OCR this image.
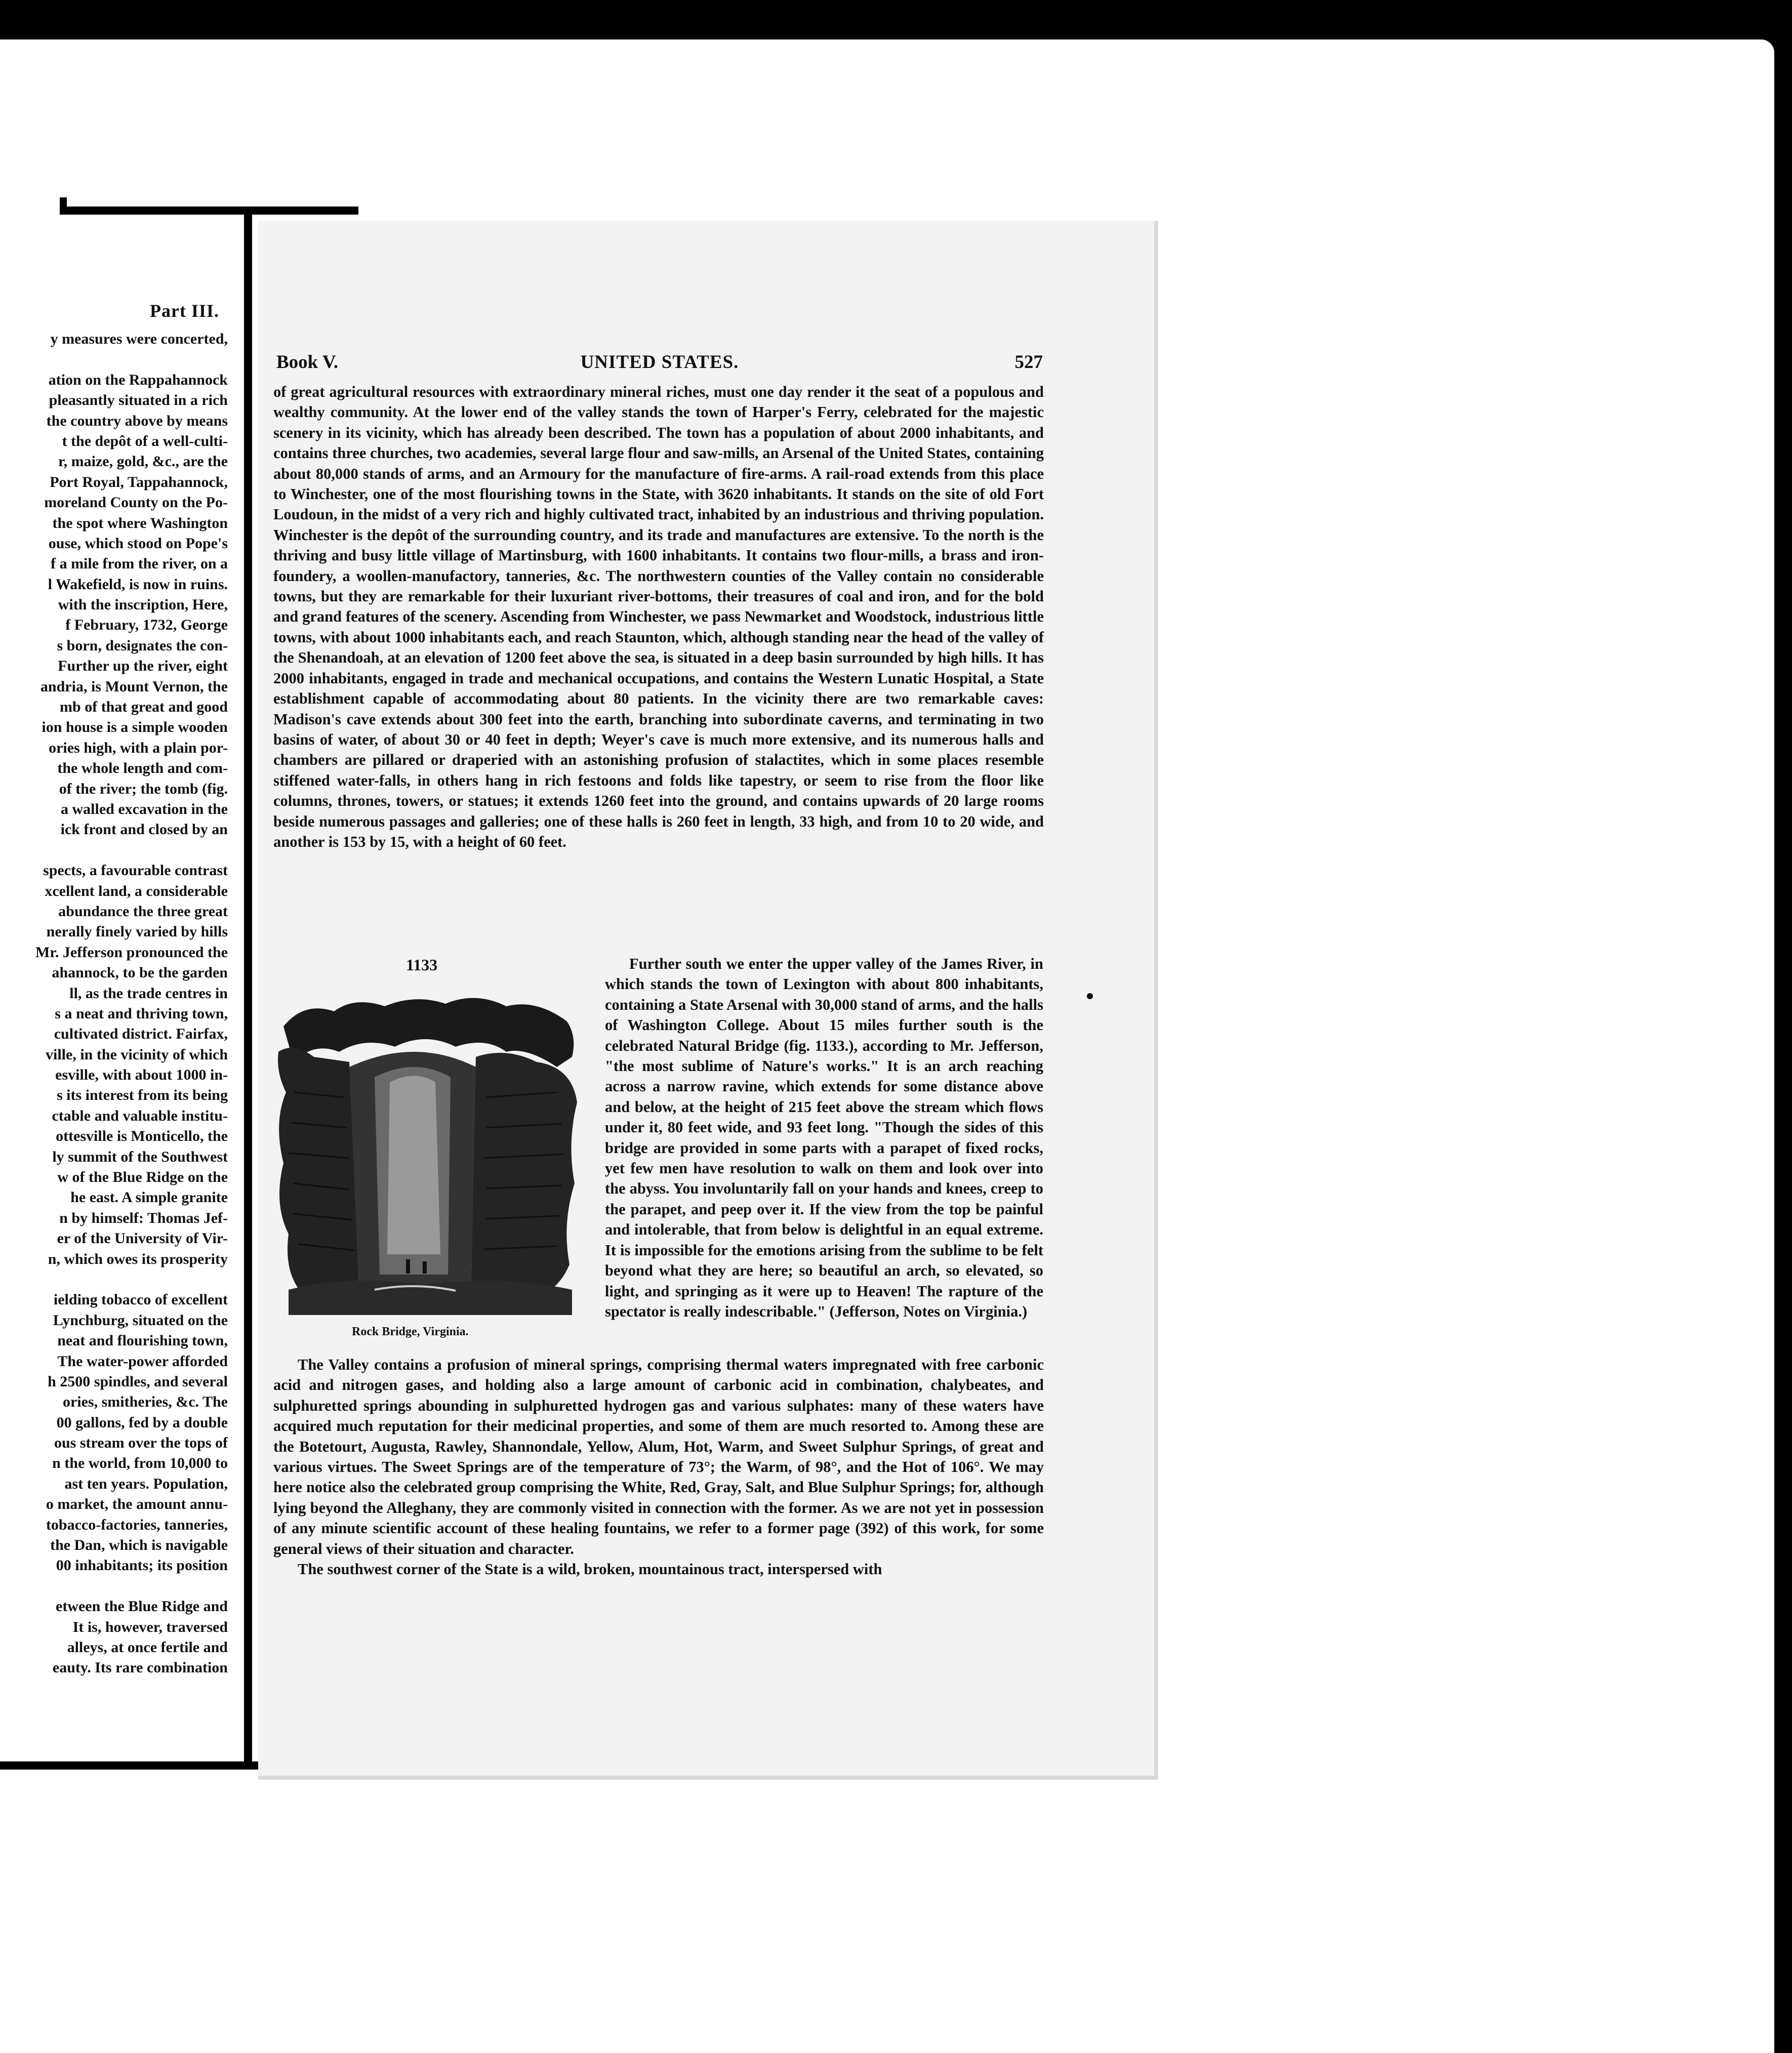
Part III.
y measures were concerted,
ation on the Rappahannock
pleasantly situated in a rich
the country above by means
t the depôt of a well-culti-
r, maize, gold, &c., are the
Port Royal, Tappahannock,
moreland County on the Po-
the spot where Washington
ouse, which stood on Pope's
f a mile from the river, on a
l Wakefield, is now in ruins.
with the inscription, Here,
f February, 1732, George
s born, designates the con-
Further up the river, eight
andria, is Mount Vernon, the
mb of that great and good
ion house is a simple wooden
ories high, with a plain por-
the whole length and com-
of the river; the tomb (fig.
a walled excavation in the
ick front and closed by an
spects, a favourable contrast
xcellent land, a considerable
abundance the three great
nerally finely varied by hills
Mr. Jefferson pronounced the
ahannock, to be the garden
ll, as the trade centres in
s a neat and thriving town,
cultivated district. Fairfax,
ville, in the vicinity of which
esville, with about 1000 in-
s its interest from its being
ctable and valuable institu-
ottesville is Monticello, the
ly summit of the Southwest
w of the Blue Ridge on the
he east. A simple granite
n by himself: Thomas Jef-
er of the University of Vir-
n, which owes its prosperity
ielding tobacco of excellent
Lynchburg, situated on the
neat and flourishing town,
The water-power afforded
h 2500 spindles, and several
ories, smitheries, &c. The
00 gallons, fed by a double
ous stream over the tops of
n the world, from 10,000 to
ast ten years. Population,
o market, the amount annu-
tobacco-factories, tanneries,
the Dan, which is navigable
00 inhabitants; its position
etween the Blue Ridge and
It is, however, traversed
alleys, at once fertile and
eauty. Its rare combination
Book V.	UNITED STATES.	527

of great agricultural resources with extraordinary mineral riches, must one day render it the seat of a populous and wealthy community. At the lower end of the valley stands the town of Harper's Ferry, celebrated for the majestic scenery in its vicinity, which has already been described. The town has a population of about 2000 inhabitants, and contains three churches, two academies, several large flour and saw-mills, an Arsenal of the United States, containing about 80,000 stands of arms, and an Armoury for the manufacture of fire-arms. A rail-road extends from this place to Winchester, one of the most flourishing towns in the State, with 3620 inhabitants. It stands on the site of old Fort Loudoun, in the midst of a very rich and highly cultivated tract, inhabited by an industrious and thriving population. Winchester is the depôt of the surrounding country, and its trade and manufactures are extensive. To the north is the thriving and busy little village of Martinsburg, with 1600 inhabitants. It contains two flour-mills, a brass and iron-foundery, a woollen-manufactory, tanneries, &c. The northwestern counties of the Valley contain no considerable towns, but they are remarkable for their luxuriant river-bottoms, their treasures of coal and iron, and for the bold and grand features of the scenery. Ascending from Winchester, we pass Newmarket and Woodstock, industrious little towns, with about 1000 inhabitants each, and reach Staunton, which, although standing near the head of the valley of the Shenandoah, at an elevation of 1200 feet above the sea, is situated in a deep basin surrounded by high hills. It has 2000 inhabitants, engaged in trade and mechanical occupations, and contains the Western Lunatic Hospital, a State establishment capable of accommodating about 80 patients. In the vicinity there are two remarkable caves: Madison's cave extends about 300 feet into the earth, branching into subordinate caverns, and terminating in two basins of water, of about 30 or 40 feet in depth; Weyer's cave is much more extensive, and its numerous halls and chambers are pillared or draperied with an astonishing profusion of stalactites, which in some places resemble stiffened water-falls, in others hang in rich festoons and folds like tapestry, or seem to rise from the floor like columns, thrones, towers, or statues; it extends 1260 feet into the ground, and contains upwards of 20 large rooms beside numerous passages and galleries; one of these halls is 260 feet in length, 33 high, and from 10 to 20 wide, and another is 153 by 15, with a height of 60 feet.

1133
Rock Bridge, Virginia.

Further south we enter the upper valley of the James River, in which stands the town of Lexington with about 800 inhabitants, containing a State Arsenal with 30,000 stand of arms, and the halls of Washington College. About 15 miles further south is the celebrated Natural Bridge (fig. 1133.), according to Mr. Jefferson, "the most sublime of Nature's works." It is an arch reaching across a narrow ravine, which extends for some distance above and below, at the height of 215 feet above the stream which flows under it, 80 feet wide, and 93 feet long. "Though the sides of this bridge are provided in some parts with a parapet of fixed rocks, yet few men have resolution to walk on them and look over into the abyss. You involuntarily fall on your hands and knees, creep to the parapet, and peep over it. If the view from the top be painful and intolerable, that from below is delightful in an equal extreme. It is impossible for the emotions arising from the sublime to be felt beyond what they are here; so beautiful an arch, so elevated, so light, and springing as it were up to Heaven! The rapture of the spectator is really indescribable." (Jefferson, Notes on Virginia.)

The Valley contains a profusion of mineral springs, comprising thermal waters impregnated with free carbonic acid and nitrogen gases, and holding also a large amount of carbonic acid in combination, chalybeates, and sulphuretted springs abounding in sulphuretted hydrogen gas and various sulphates: many of these waters have acquired much reputation for their medicinal properties, and some of them are much resorted to. Among these are the Botetourt, Augusta, Rawley, Shannondale, Yellow, Alum, Hot, Warm, and Sweet Sulphur Springs, of great and various virtues. The Sweet Springs are of the temperature of 73°; the Warm, of 98°, and the Hot of 106°. We may here notice also the celebrated group comprising the White, Red, Gray, Salt, and Blue Sulphur Springs; for, although lying beyond the Alleghany, they are commonly visited in connection with the former. As we are not yet in possession of any minute scientific account of these healing fountains, we refer to a former page (392) of this work, for some general views of their situation and character.

The southwest corner of the State is a wild, broken, mountainous tract, interspersed with
